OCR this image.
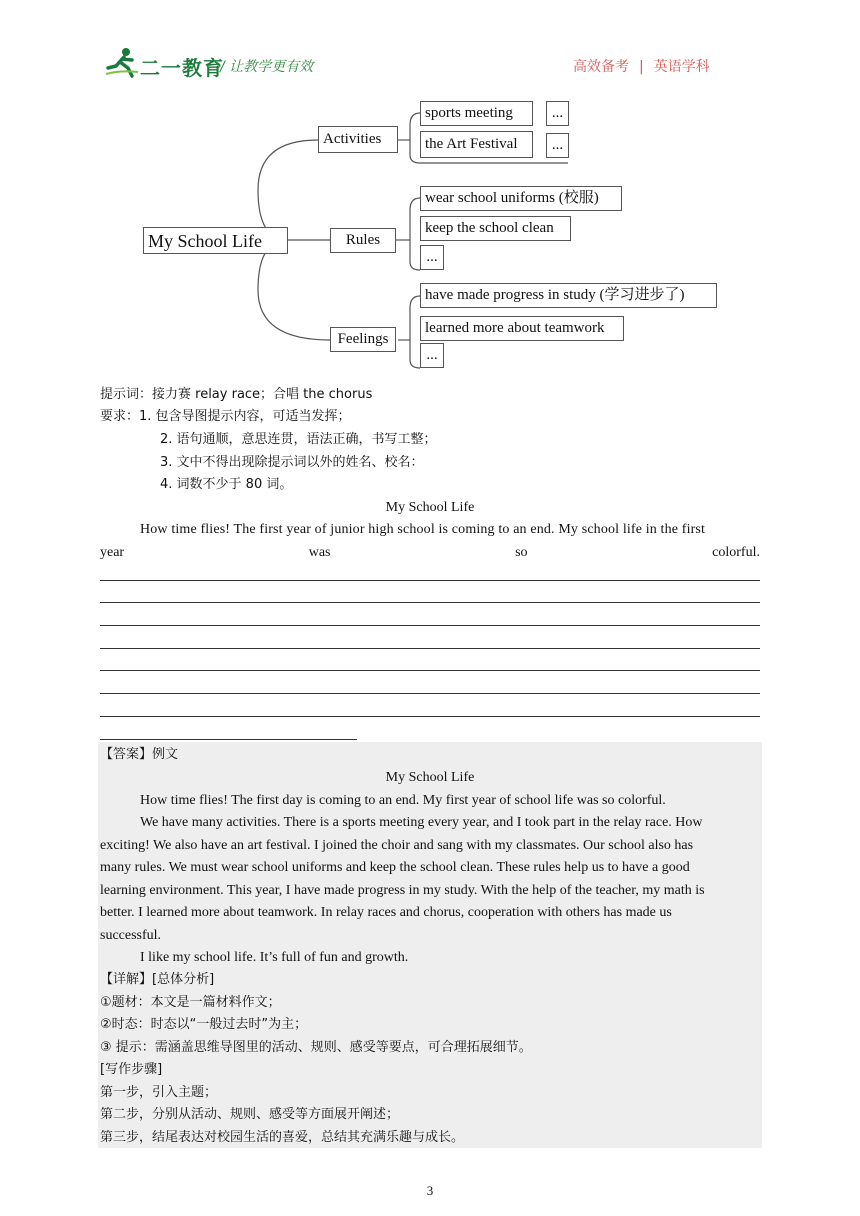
二一教育
/ 让教学更有效	高效备考 | 英语学科
My School Life
Activities
sports meeting	...
the Art Festival	...
Rules
wear school uniforms (校服)
keep the school clean
...
Feelings
have made progress in study (学习进步了)
learned more about teamwork
...
提示词：接力赛 relay race；合唱 the chorus
要求：1. 包含导图提示内容，可适当发挥；
2. 语句通顺，意思连贯，语法正确，书写工整；
3. 文中不得出现除提示词以外的姓名、校名：
4. 词数不少于 80 词。
My School Life
How time flies! The first year of junior high school is coming to an end. My school life in the first
year	was	so	colorful.
【答案】例文
My School Life
How time flies! The first day is coming to an end. My first year of school life was so colorful.
We have many activities. There is a sports meeting every year, and I took part in the relay race. How
exciting! We also have an art festival. I joined the choir and sang with my classmates. Our school also has
many rules. We must wear school uniforms and keep the school clean. These rules help us to have a good
learning environment. This year, I have made progress in my study. With the help of the teacher, my math is
better. I learned more about teamwork. In relay races and chorus, cooperation with others has made us
successful.
I like my school life. It’s full of fun and growth.
【详解】[总体分析]
①题材：本文是一篇材料作文；
②时态：时态以“一般过去时”为主；
③ 提示：需涵盖思维导图里的活动、规则、感受等要点，可合理拓展细节。
[写作步骤]
第一步，引入主题；
第二步，分别从活动、规则、感受等方面展开阐述；
第三步，结尾表达对校园生活的喜爱，总结其充满乐趣与成长。
3
